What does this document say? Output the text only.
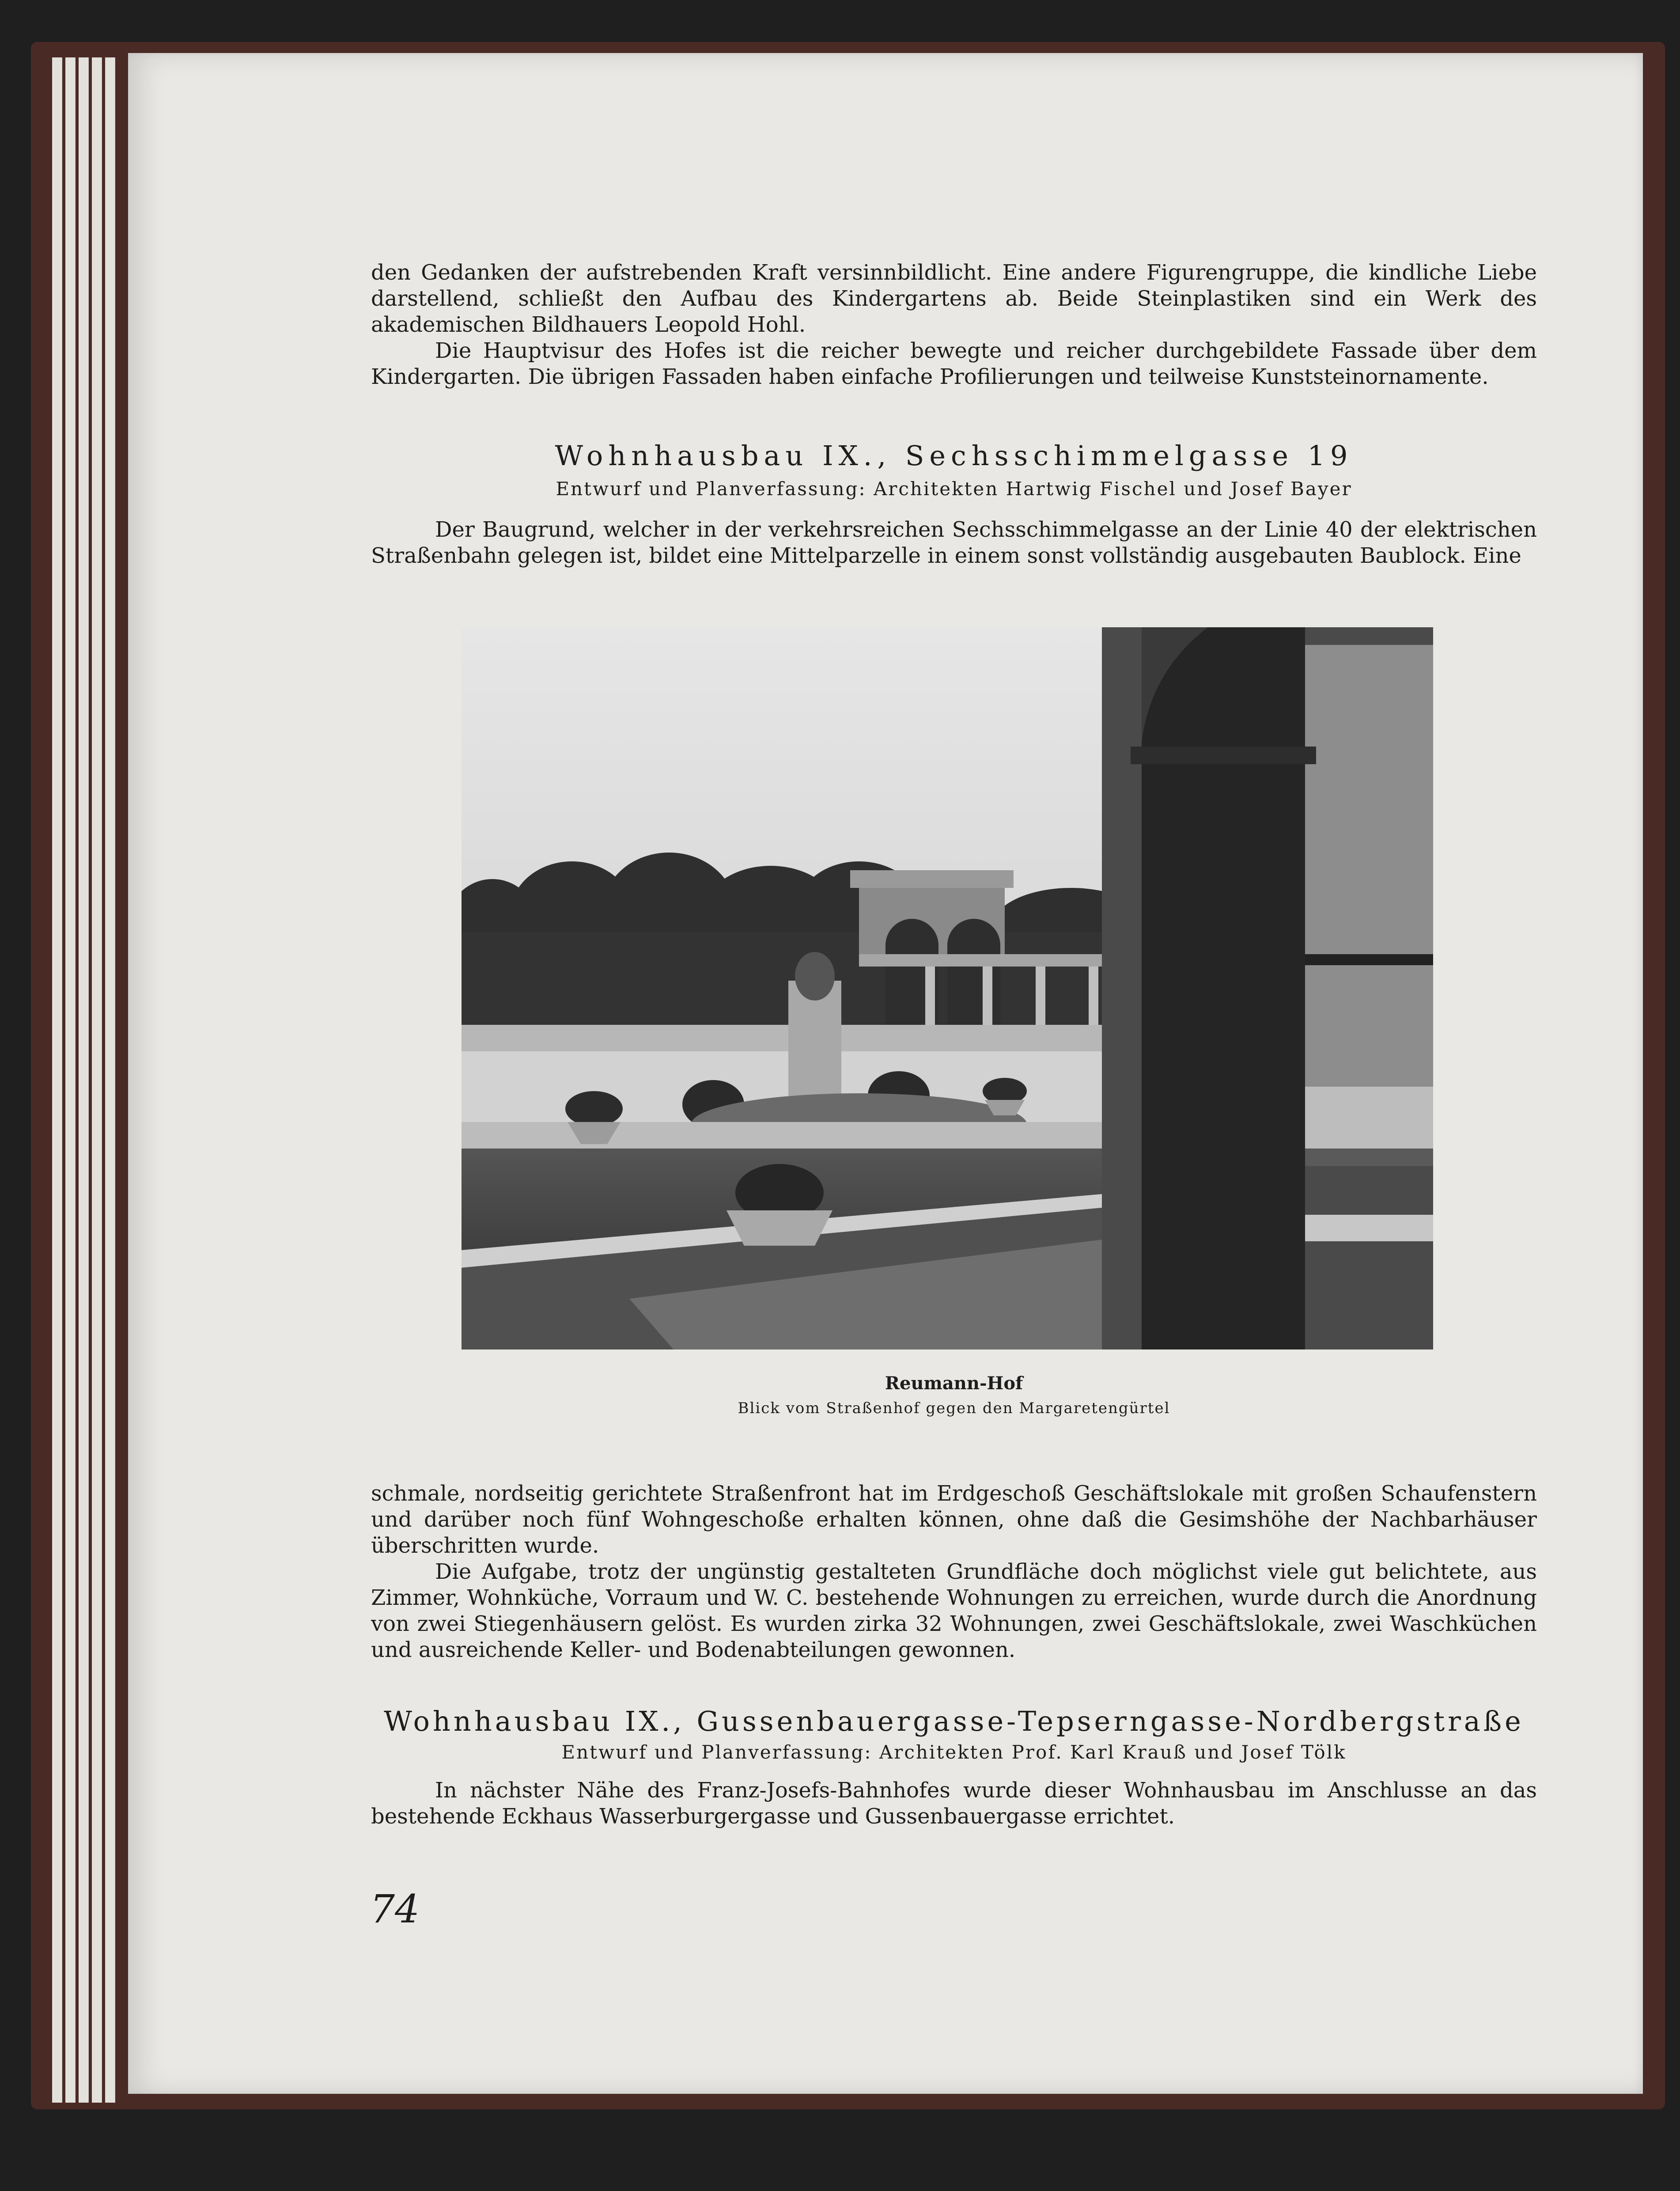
den Gedanken der aufstrebenden Kraft versinnbildlicht. Eine andere Figurengruppe, die kindliche Liebe darstellend, schließt den Aufbau des Kindergartens ab. Beide Steinplastiken sind ein Werk des akademischen Bildhauers Leopold Hohl.

Die Hauptvisur des Hofes ist die reicher bewegte und reicher durchgebildete Fassade über dem Kindergarten. Die übrigen Fassaden haben einfache Profilierungen und teilweise Kunststeinornamente.

Wohnhausbau IX., Sechsschimmelgasse 19
Entwurf und Planverfassung: Architekten Hartwig Fischel und Josef Bayer

Der Baugrund, welcher in der verkehrsreichen Sechsschimmelgasse an der Linie 40 der elektrischen Straßenbahn gelegen ist, bildet eine Mittelparzelle in einem sonst vollständig ausgebauten Baublock. Eine

Reumann-Hof
Blick vom Straßenhof gegen den Margaretengürtel

schmale, nordseitig gerichtete Straßenfront hat im Erdgeschoß Geschäftslokale mit großen Schaufenstern und darüber noch fünf Wohngeschoße erhalten können, ohne daß die Gesimshöhe der Nachbarhäuser überschritten wurde.

Die Aufgabe, trotz der ungünstig gestalteten Grundfläche doch möglichst viele gut belichtete, aus Zimmer, Wohnküche, Vorraum und W. C. bestehende Wohnungen zu erreichen, wurde durch die Anordnung von zwei Stiegenhäusern gelöst. Es wurden zirka 32 Wohnungen, zwei Geschäftslokale, zwei Waschküchen und ausreichende Keller- und Bodenabteilungen gewonnen.

Wohnhausbau IX., Gussenbauergasse-Tepserngasse-Nordbergstraße
Entwurf und Planverfassung: Architekten Prof. Karl Krauß und Josef Tölk

In nächster Nähe des Franz-Josefs-Bahnhofes wurde dieser Wohnhausbau im Anschlusse an das bestehende Eckhaus Wasserburgergasse und Gussenbauergasse errichtet.

74
